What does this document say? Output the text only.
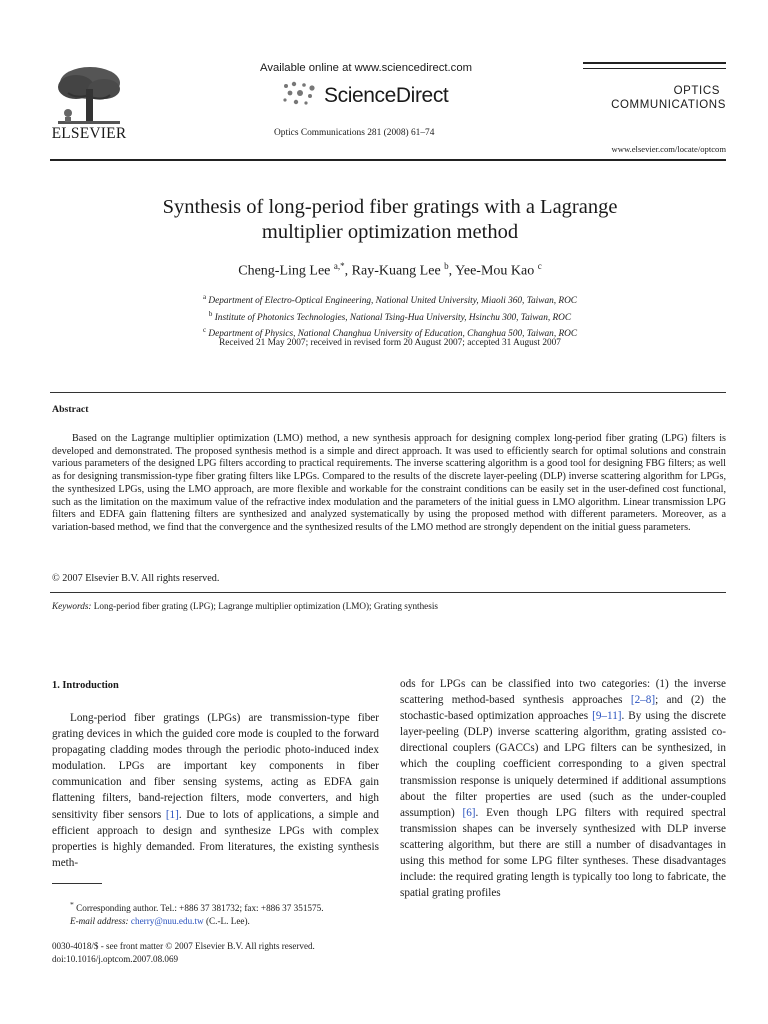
ELSEVIER
Available online at www.sciencedirect.com
ScienceDirect
Optics Communications 281 (2008) 61–74
OPTICS
COMMUNICATIONS
www.elsevier.com/locate/optcom
Synthesis of long-period fiber gratings with a Lagrange
multiplier optimization method
Cheng-Ling Lee $^{a,*}$, Ray-Kuang Lee $^b$, Yee-Mou Kao $^c$
$^a$ Department of Electro-Optical Engineering, National United University, Miaoli 360, Taiwan, ROC
$^b$ Institute of Photonics Technologies, National Tsing-Hua University, Hsinchu 300, Taiwan, ROC
$^c$ Department of Physics, National Changhua University of Education, Changhua 500, Taiwan, ROC
Received 21 May 2007; received in revised form 20 August 2007; accepted 31 August 2007
Abstract

Based on the Lagrange multiplier optimization (LMO) method, a new synthesis approach for designing complex long-period fiber grating (LPG) filters is developed and demonstrated. The proposed synthesis method is a simple and direct approach. It was used to efficiently search for optimal solutions and constrain various parameters of the designed LPG filters according to practical requirements. The inverse scattering algorithm is a good tool for designing FBG filters; as well as for designing transmission-type fiber grating filters like LPGs. Compared to the results of the discrete layer-peeling (DLP) inverse scattering algorithm for LPGs, the synthesized LPGs, using the LMO approach, are more flexible and workable for the constraint conditions can be easily set in the user-defined cost functional, such as the limitation on the maximum value of the refractive index modulation and the parameters of the initial guess in LMO algorithm. Linear transmission LPG filters and EDFA gain flattening filters are synthesized and analyzed systematically by using the proposed method with different parameters. Moreover, as a variation-based method, we find that the convergence and the synthesized results of the LMO method are strongly dependent on the initial guess parameters.

© 2007 Elsevier B.V. All rights reserved.
Keywords: Long-period fiber grating (LPG); Lagrange multiplier optimization (LMO); Grating synthesis
1. Introduction

Long-period fiber gratings (LPGs) are transmission-type fiber grating devices in which the guided core mode is coupled to the forward propagating cladding modes through the periodic photo-induced index modulation. LPGs are important key components in fiber communication and fiber sensing systems, acting as EDFA gain flattening filters, band-rejection filters, mode converters, and high sensitivity fiber sensors [1]. Due to lots of applications, a simple and efficient approach to design and synthesize LPGs with complex properties is highly demanded. From literatures, the existing synthesis meth-

ods for LPGs can be classified into two categories: (1) the inverse scattering method-based synthesis approaches [2–8]; and (2) the stochastic-based optimization approaches [9–11]. By using the discrete layer-peeling (DLP) inverse scattering algorithm, grating assisted co-directional couplers (GACCs) and LPG filters can be synthesized, in which the coupling coefficient corresponding to a given spectral transmission response is uniquely determined if additional assumptions about the filter properties are used (such as the under-coupled assumption) [6]. Even though LPG filters with required spectral transmission shapes can be inversely synthesized with DLP inverse scattering algorithm, but there are still a number of disadvantages in using this method for some LPG filter syntheses. These disadvantages include: the required grating length is typically too long to fabricate, the spatial grating profiles

* Corresponding author. Tel.: +886 37 381732; fax: +886 37 351575.
E-mail address: cherry@nuu.edu.tw (C.-L. Lee).
0030-4018/$ - see front matter © 2007 Elsevier B.V. All rights reserved.
doi:10.1016/j.optcom.2007.08.069
